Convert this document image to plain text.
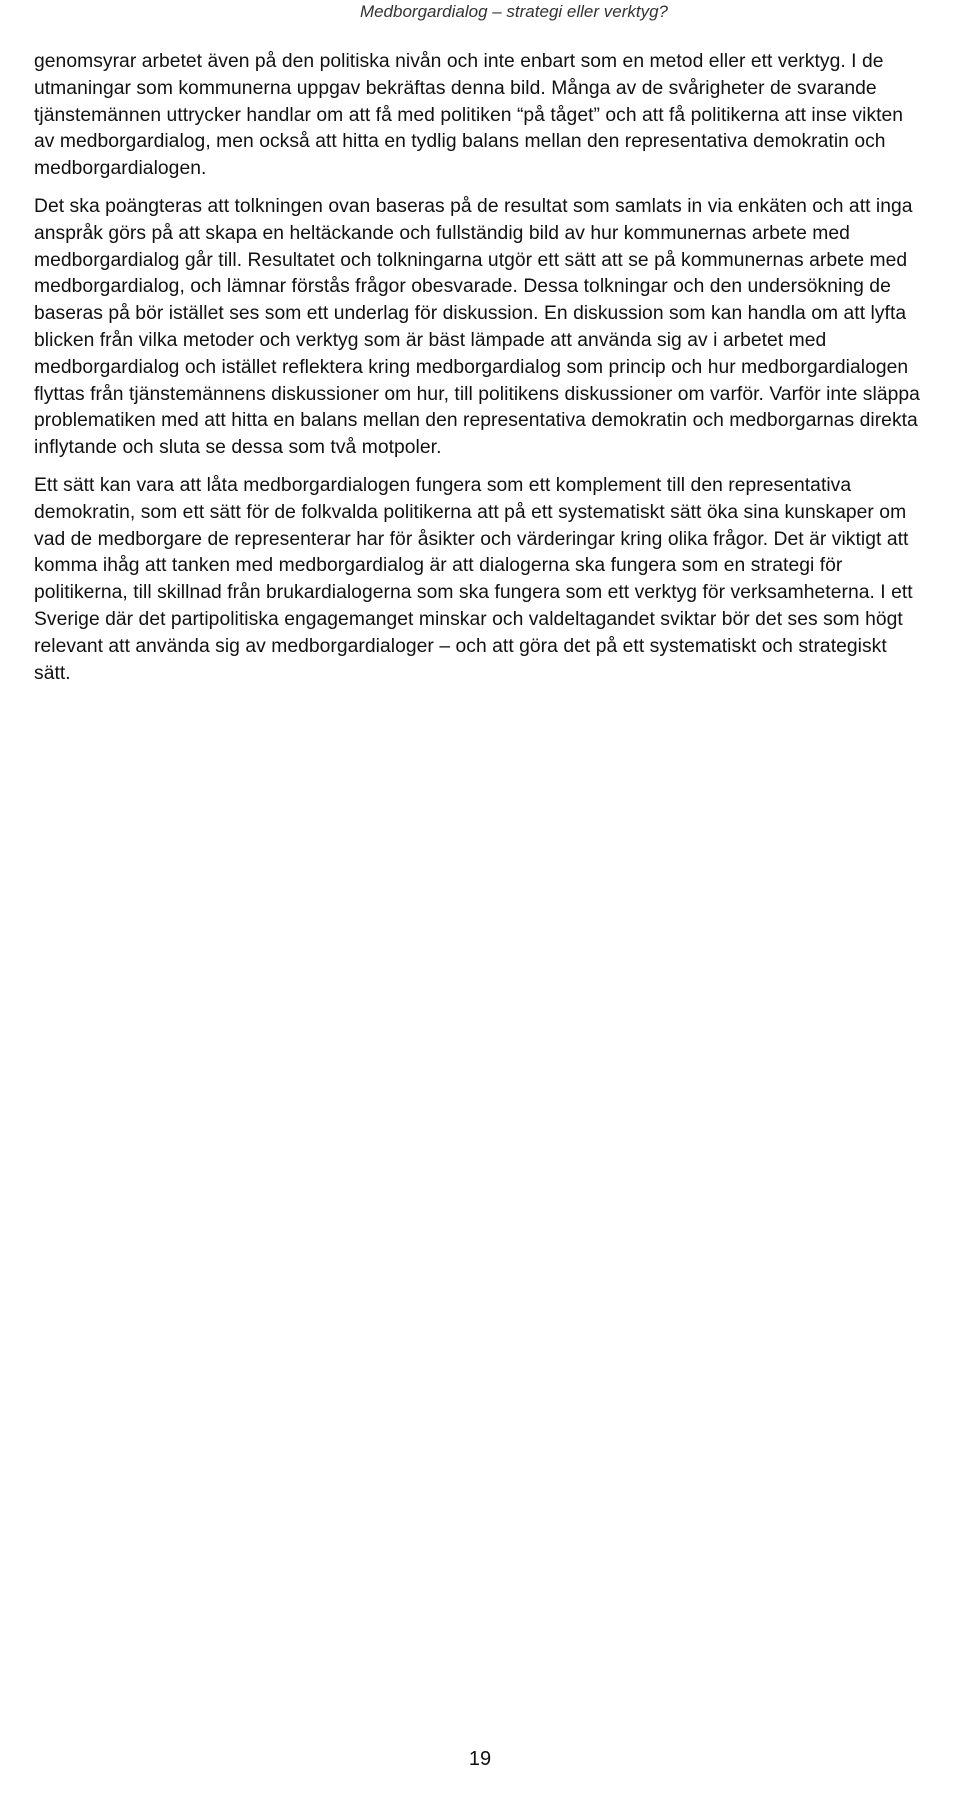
Medborgardialog – strategi eller verktyg?

genomsyrar arbetet även på den politiska nivån och inte enbart som en metod eller ett verktyg. I de utmaningar som kommunerna uppgav bekräftas denna bild. Många av de svårigheter de svarande tjänstemännen uttrycker handlar om att få med politiken “på tåget” och att få politikerna att inse vikten av medborgardialog, men också att hitta en tydlig balans mellan den representativa demokratin och medborgardialogen.

Det ska poängteras att tolkningen ovan baseras på de resultat som samlats in via enkäten och att inga anspråk görs på att skapa en heltäckande och fullständig bild av hur kommunernas arbete med medborgardialog går till. Resultatet och tolkningarna utgör ett sätt att se på kommunernas arbete med medborgardialog, och lämnar förstås frågor obesvarade. Dessa tolkningar och den undersökning de baseras på bör istället ses som ett underlag för diskussion. En diskussion som kan handla om att lyfta blicken från vilka metoder och verktyg som är bäst lämpade att använda sig av i arbetet med medborgardialog och istället reflektera kring medborgardialog som princip och hur medborgardialogen flyttas från tjänstemännens diskussioner om hur, till politikens diskussioner om varför. Varför inte släppa problematiken med att hitta en balans mellan den representativa demokratin och medborgarnas direkta inflytande och sluta se dessa som två motpoler.

Ett sätt kan vara att låta medborgardialogen fungera som ett komplement till den representativa demokratin, som ett sätt för de folkvalda politikerna att på ett systematiskt sätt öka sina kunskaper om vad de medborgare de representerar har för åsikter och värderingar kring olika frågor. Det är viktigt att komma ihåg att tanken med medborgardialog är att dialogerna ska fungera som en strategi för politikerna, till skillnad från brukardialogerna som ska fungera som ett verktyg för verksamheterna. I ett Sverige där det partipolitiska engagemanget minskar och valdeltagandet sviktar bör det ses som högt relevant att använda sig av medborgardialoger – och att göra det på ett systematiskt och strategiskt sätt.

19
